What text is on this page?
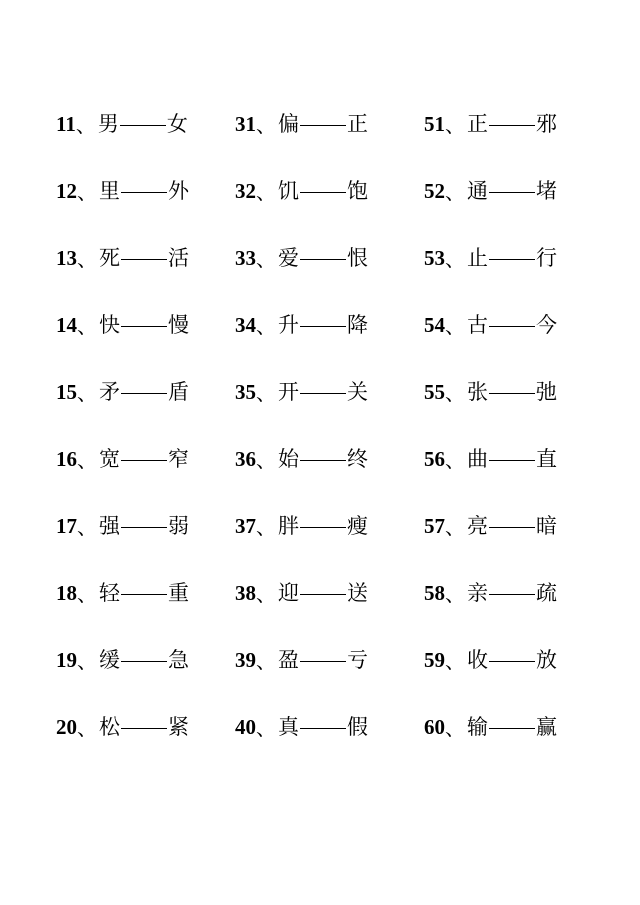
11 、 男 女
12 、 里 外
13 、 死 活
14 、 快 慢
15 、 矛 盾
16 、 宽 窄
17 、 强 弱
18 、 轻 重
19 、 缓 急
20 、 松 紧
31 、 偏 正
32 、 饥 饱
33 、 爱 恨
34 、 升 降
35 、 开 关
36 、 始 终
37 、 胖 瘦
38 、 迎 送
39 、 盈 亏
40 、 真 假
51 、 正 邪
52 、 通 堵
53 、 止 行
54 、 古 今
55 、 张 弛
56 、 曲 直
57 、 亮 暗
58 、 亲 疏
59 、 收 放
60 、 输 赢
